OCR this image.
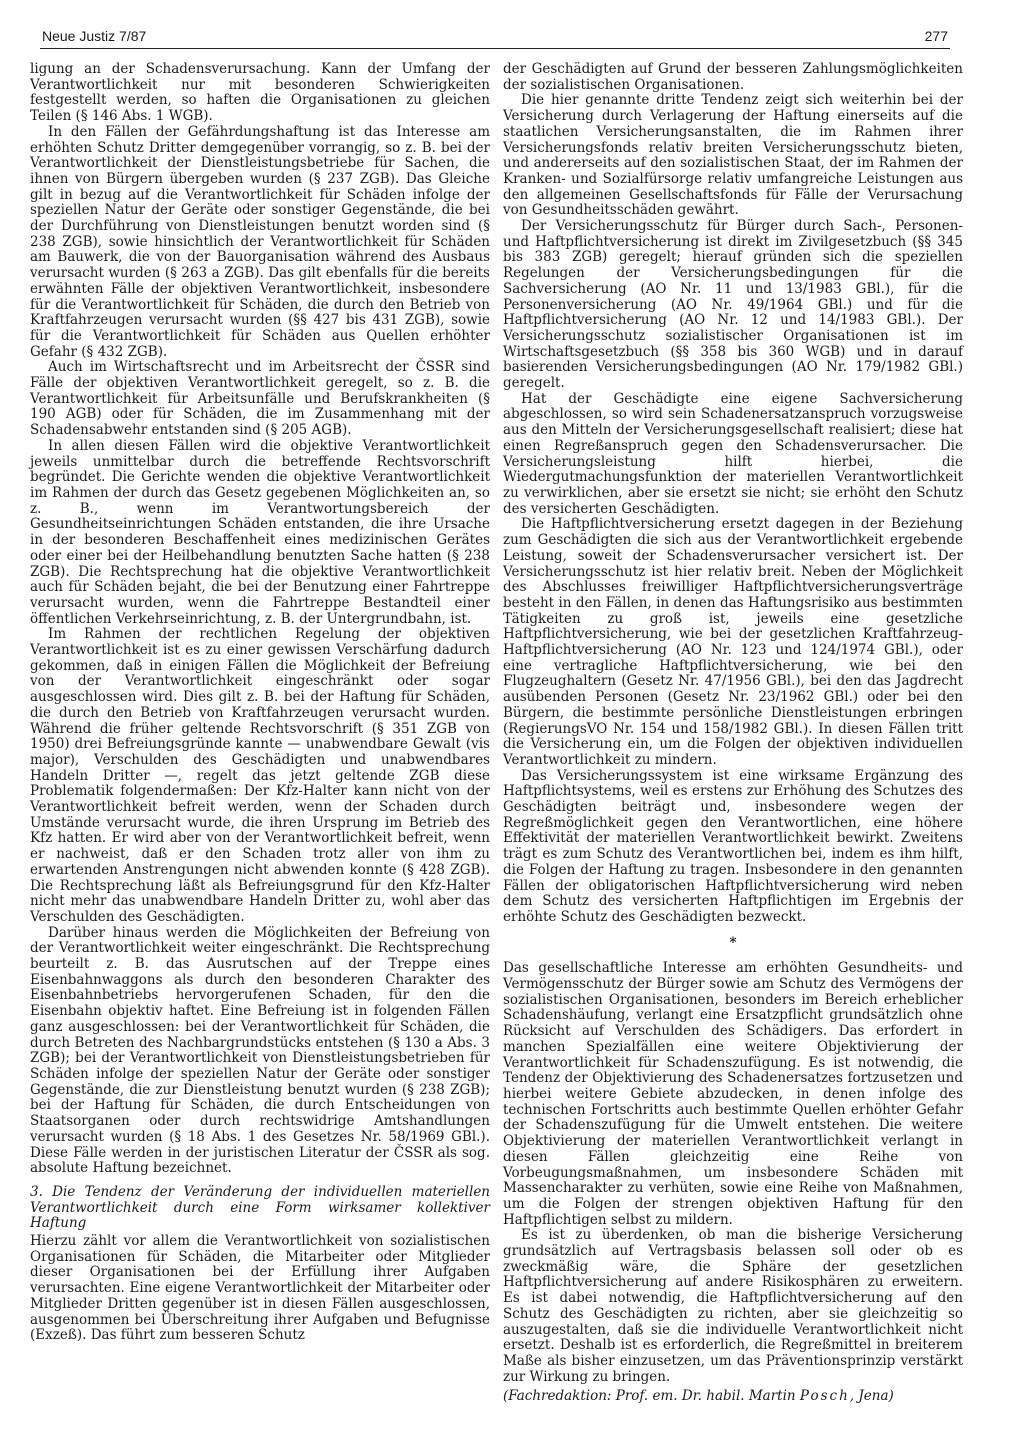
Neue Justiz 7/87	277

ligung an der Schadensverursachung. Kann der Umfang der Verantwortlichkeit nur mit besonderen Schwierigkeiten festgestellt werden, so haften die Organisationen zu gleichen Teilen (§ 146 Abs. 1 WGB).

In den Fällen der Gefährdungshaftung ist das Interesse am erhöhten Schutz Dritter demgegenüber vorrangig, so z. B. bei der Verantwortlichkeit der Dienstleistungsbetriebe für Sachen, die ihnen von Bürgern übergeben wurden (§ 237 ZGB). Das Gleiche gilt in bezug auf die Verantwortlichkeit für Schäden infolge der speziellen Natur der Geräte oder sonstiger Gegenstände, die bei der Durchführung von Dienstleistungen benutzt worden sind (§ 238 ZGB), sowie hinsichtlich der Verantwortlichkeit für Schäden am Bauwerk, die von der Bauorganisation während des Ausbaus verursacht wurden (§ 263 a ZGB). Das gilt ebenfalls für die bereits erwähnten Fälle der objektiven Verantwortlichkeit, insbesondere für die Verantwortlichkeit für Schäden, die durch den Betrieb von Kraftfahrzeugen verursacht wurden (§§ 427 bis 431 ZGB), sowie für die Verantwortlichkeit für Schäden aus Quellen erhöhter Gefahr (§ 432 ZGB).

Auch im Wirtschaftsrecht und im Arbeitsrecht der ČSSR sind Fälle der objektiven Verantwortlichkeit geregelt, so z. B. die Verantwortlichkeit für Arbeitsunfälle und Berufskrankheiten (§ 190 AGB) oder für Schäden, die im Zusammenhang mit der Schadensabwehr entstanden sind (§ 205 AGB).

In allen diesen Fällen wird die objektive Verantwortlichkeit jeweils unmittelbar durch die betreffende Rechtsvorschrift begründet. Die Gerichte wenden die objektive Verantwortlichkeit im Rahmen der durch das Gesetz gegebenen Möglichkeiten an, so z. B., wenn im Verantwortungsbereich der Gesundheitseinrichtungen Schäden entstanden, die ihre Ursache in der besonderen Beschaffenheit eines medizinischen Gerätes oder einer bei der Heilbehandlung benutzten Sache hatten (§ 238 ZGB). Die Rechtsprechung hat die objektive Verantwortlichkeit auch für Schäden bejaht, die bei der Benutzung einer Fahrtreppe verursacht wurden, wenn die Fahrtreppe Bestandteil einer öffentlichen Verkehrseinrichtung, z. B. der Untergrundbahn, ist.

Im Rahmen der rechtlichen Regelung der objektiven Verantwortlichkeit ist es zu einer gewissen Verschärfung dadurch gekommen, daß in einigen Fällen die Möglichkeit der Befreiung von der Verantwortlichkeit eingeschränkt oder sogar ausgeschlossen wird. Dies gilt z. B. bei der Haftung für Schäden, die durch den Betrieb von Kraftfahrzeugen verursacht wurden. Während die früher geltende Rechtsvorschrift (§ 351 ZGB von 1950) drei Befreiungsgründe kannte — unabwendbare Gewalt (vis major), Verschulden des Geschädigten und unabwendbares Handeln Dritter —, regelt das jetzt geltende ZGB diese Problematik folgendermaßen: Der Kfz-Halter kann nicht von der Verantwortlichkeit befreit werden, wenn der Schaden durch Umstände verursacht wurde, die ihren Ursprung im Betrieb des Kfz hatten. Er wird aber von der Verantwortlichkeit befreit, wenn er nachweist, daß er den Schaden trotz aller von ihm zu erwartenden Anstrengungen nicht abwenden konnte (§ 428 ZGB). Die Rechtsprechung läßt als Befreiungsgrund für den Kfz-Halter nicht mehr das unabwendbare Handeln Dritter zu, wohl aber das Verschulden des Geschädigten.

Darüber hinaus werden die Möglichkeiten der Befreiung von der Verantwortlichkeit weiter eingeschränkt. Die Rechtsprechung beurteilt z. B. das Ausrutschen auf der Treppe eines Eisenbahnwaggons als durch den besonderen Charakter des Eisenbahnbetriebs hervorgerufenen Schaden, für den die Eisenbahn objektiv haftet. Eine Befreiung ist in folgenden Fällen ganz ausgeschlossen: bei der Verantwortlichkeit für Schäden, die durch Betreten des Nachbargrundstücks entstehen (§ 130 a Abs. 3 ZGB); bei der Verantwortlichkeit von Dienstleistungsbetrieben für Schäden infolge der speziellen Natur der Geräte oder sonstiger Gegenstände, die zur Dienstleistung benutzt wurden (§ 238 ZGB); bei der Haftung für Schäden, die durch Entscheidungen von Staatsorganen oder durch rechtswidrige Amtshandlungen verursacht wurden (§ 18 Abs. 1 des Gesetzes Nr. 58/1969 GBl.). Diese Fälle werden in der juristischen Literatur der ČSSR als sog. absolute Haftung bezeichnet.

3. Die Tendenz der Veränderung der individuellen materiellen Verantwortlichkeit durch eine Form wirksamer kollektiver Haftung

Hierzu zählt vor allem die Verantwortlichkeit von sozialistischen Organisationen für Schäden, die Mitarbeiter oder Mitglieder dieser Organisationen bei der Erfüllung ihrer Aufgaben verursachten. Eine eigene Verantwortlichkeit der Mitarbeiter oder Mitglieder Dritten gegenüber ist in diesen Fällen ausgeschlossen, ausgenommen bei Überschreitung ihrer Aufgaben und Befugnisse (Exzeß). Das führt zum besseren Schutz

der Geschädigten auf Grund der besseren Zahlungsmöglichkeiten der sozialistischen Organisationen.

Die hier genannte dritte Tendenz zeigt sich weiterhin bei der Versicherung durch Verlagerung der Haftung einerseits auf die staatlichen Versicherungsanstalten, die im Rahmen ihrer Versicherungsfonds relativ breiten Versicherungsschutz bieten, und andererseits auf den sozialistischen Staat, der im Rahmen der Kranken- und Sozialfürsorge relativ umfangreiche Leistungen aus den allgemeinen Gesellschaftsfonds für Fälle der Verursachung von Gesundheitsschäden gewährt.

Der Versicherungsschutz für Bürger durch Sach-, Personen- und Haftpflichtversicherung ist direkt im Zivilgesetzbuch (§§ 345 bis 383 ZGB) geregelt; hierauf gründen sich die speziellen Regelungen der Versicherungsbedingungen für die Sachversicherung (AO Nr. 11 und 13/1983 GBl.), für die Personenversicherung (AO Nr. 49/1964 GBl.) und für die Haftpflichtversicherung (AO Nr. 12 und 14/1983 GBl.). Der Versicherungsschutz sozialistischer Organisationen ist im Wirtschaftsgesetzbuch (§§ 358 bis 360 WGB) und in darauf basierenden Versicherungsbedingungen (AO Nr. 179/1982 GBl.) geregelt.

Hat der Geschädigte eine eigene Sachversicherung abgeschlossen, so wird sein Schadenersatzanspruch vorzugsweise aus den Mitteln der Versicherungsgesellschaft realisiert; diese hat einen Regreßanspruch gegen den Schadensverursacher. Die Versicherungsleistung hilft hierbei, die Wiedergutmachungsfunktion der materiellen Verantwortlichkeit zu verwirklichen, aber sie ersetzt sie nicht; sie erhöht den Schutz des versicherten Geschädigten.

Die Haftpflichtversicherung ersetzt dagegen in der Beziehung zum Geschädigten die sich aus der Verantwortlichkeit ergebende Leistung, soweit der Schadensverursacher versichert ist. Der Versicherungsschutz ist hier relativ breit. Neben der Möglichkeit des Abschlusses freiwilliger Haftpflichtversicherungsverträge besteht in den Fällen, in denen das Haftungsrisiko aus bestimmten Tätigkeiten zu groß ist, jeweils eine gesetzliche Haftpflichtversicherung, wie bei der gesetzlichen Kraftfahrzeug-Haftpflichtversicherung (AO Nr. 123 und 124/1974 GBl.), oder eine vertragliche Haftpflichtversicherung, wie bei den Flugzeughaltern (Gesetz Nr. 47/1956 GBl.), bei den das Jagdrecht ausübenden Personen (Gesetz Nr. 23/1962 GBl.) oder bei den Bürgern, die bestimmte persönliche Dienstleistungen erbringen (RegierungsVO Nr. 154 und 158/1982 GBl.). In diesen Fällen tritt die Versicherung ein, um die Folgen der objektiven individuellen Verantwortlichkeit zu mindern.

Das Versicherungssystem ist eine wirksame Ergänzung des Haftpflichtsystems, weil es erstens zur Erhöhung des Schutzes des Geschädigten beiträgt und, insbesondere wegen der Regreßmöglichkeit gegen den Verantwortlichen, eine höhere Effektivität der materiellen Verantwortlichkeit bewirkt. Zweitens trägt es zum Schutz des Verantwortlichen bei, indem es ihm hilft, die Folgen der Haftung zu tragen. Insbesondere in den genannten Fällen der obligatorischen Haftpflichtversicherung wird neben dem Schutz des versicherten Haftpflichtigen im Ergebnis der erhöhte Schutz des Geschädigten bezweckt.

*

Das gesellschaftliche Interesse am erhöhten Gesundheits- und Vermögensschutz der Bürger sowie am Schutz des Vermögens der sozialistischen Organisationen, besonders im Bereich erheblicher Schadenshäufung, verlangt eine Ersatzpflicht grundsätzlich ohne Rücksicht auf Verschulden des Schädigers. Das erfordert in manchen Spezialfällen eine weitere Objektivierung der Verantwortlichkeit für Schadenszufügung. Es ist notwendig, die Tendenz der Objektivierung des Schadenersatzes fortzusetzen und hierbei weitere Gebiete abzudecken, in denen infolge des technischen Fortschritts auch bestimmte Quellen erhöhter Gefahr der Schadenszufügung für die Umwelt entstehen. Die weitere Objektivierung der materiellen Verantwortlichkeit verlangt in diesen Fällen gleichzeitig eine Reihe von Vorbeugungsmaßnahmen, um insbesondere Schäden mit Massencharakter zu verhüten, sowie eine Reihe von Maßnahmen, um die Folgen der strengen objektiven Haftung für den Haftpflichtigen selbst zu mildern.

Es ist zu überdenken, ob man die bisherige Versicherung grundsätzlich auf Vertragsbasis belassen soll oder ob es zweckmäßig wäre, die Sphäre der gesetzlichen Haftpflichtversicherung auf andere Risikosphären zu erweitern. Es ist dabei notwendig, die Haftpflichtversicherung auf den Schutz des Geschädigten zu richten, aber sie gleichzeitig so auszugestalten, daß sie die individuelle Verantwortlichkeit nicht ersetzt. Deshalb ist es erforderlich, die Regreßmittel in breiterem Maße als bisher einzusetzen, um das Präventionsprinzip verstärkt zur Wirkung zu bringen.

(Fachredaktion: Prof. em. Dr. habil. Martin Posch, Jena)
